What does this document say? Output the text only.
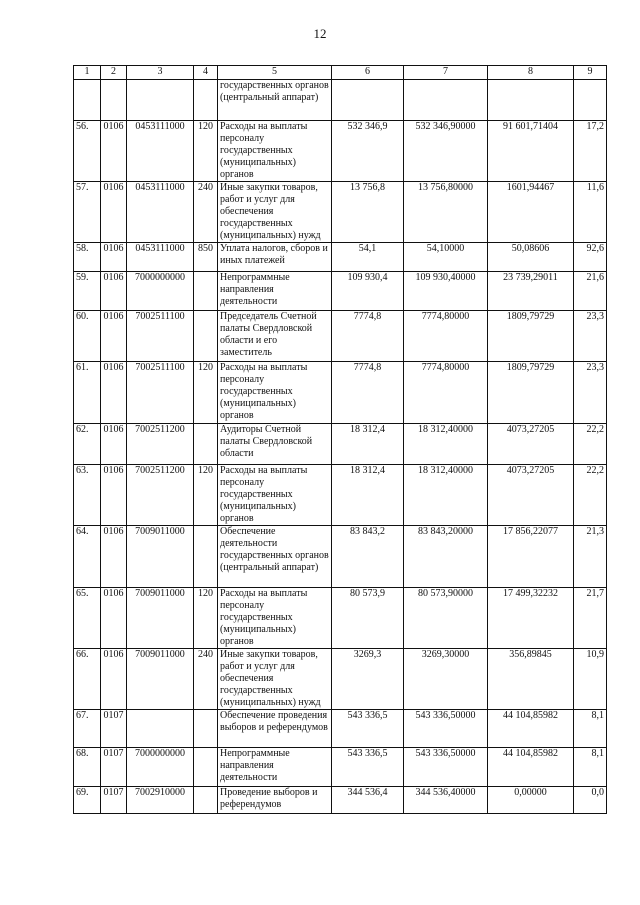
12
1	2	3	4	5	6	7	8	9
				государственных органов (центральный аппарат)				
56.	0106	0453111000	120	Расходы на выплаты персоналу государственных (муниципальных) органов	532 346,9	532 346,90000	91 601,71404	17,2
57.	0106	0453111000	240	Иные закупки товаров, работ и услуг для обеспечения государственных (муниципальных) нужд	13 756,8	13 756,80000	1601,94467	11,6
58.	0106	0453111000	850	Уплата налогов, сборов и иных платежей	54,1	54,10000	50,08606	92,6
59.	0106	7000000000		Непрограммные направления деятельности	109 930,4	109 930,40000	23 739,29011	21,6
60.	0106	7002511100		Председатель Счетной палаты Свердловской области и его заместитель	7774,8	7774,80000	1809,79729	23,3
61.	0106	7002511100	120	Расходы на выплаты персоналу государственных (муниципальных) органов	7774,8	7774,80000	1809,79729	23,3
62.	0106	7002511200		Аудиторы Счетной палаты Свердловской области	18 312,4	18 312,40000	4073,27205	22,2
63.	0106	7002511200	120	Расходы на выплаты персоналу государственных (муниципальных) органов	18 312,4	18 312,40000	4073,27205	22,2
64.	0106	7009011000		Обеспечение деятельности государственных органов (центральный аппарат)	83 843,2	83 843,20000	17 856,22077	21,3
65.	0106	7009011000	120	Расходы на выплаты персоналу государственных (муниципальных) органов	80 573,9	80 573,90000	17 499,32232	21,7
66.	0106	7009011000	240	Иные закупки товаров, работ и услуг для обеспечения государственных (муниципальных) нужд	3269,3	3269,30000	356,89845	10,9
67.	0107			Обеспечение проведения выборов и референдумов	543 336,5	543 336,50000	44 104,85982	8,1
68.	0107	7000000000		Непрограммные направления деятельности	543 336,5	543 336,50000	44 104,85982	8,1
69.	0107	7002910000		Проведение выборов и референдумов	344 536,4	344 536,40000	0,00000	0,0
